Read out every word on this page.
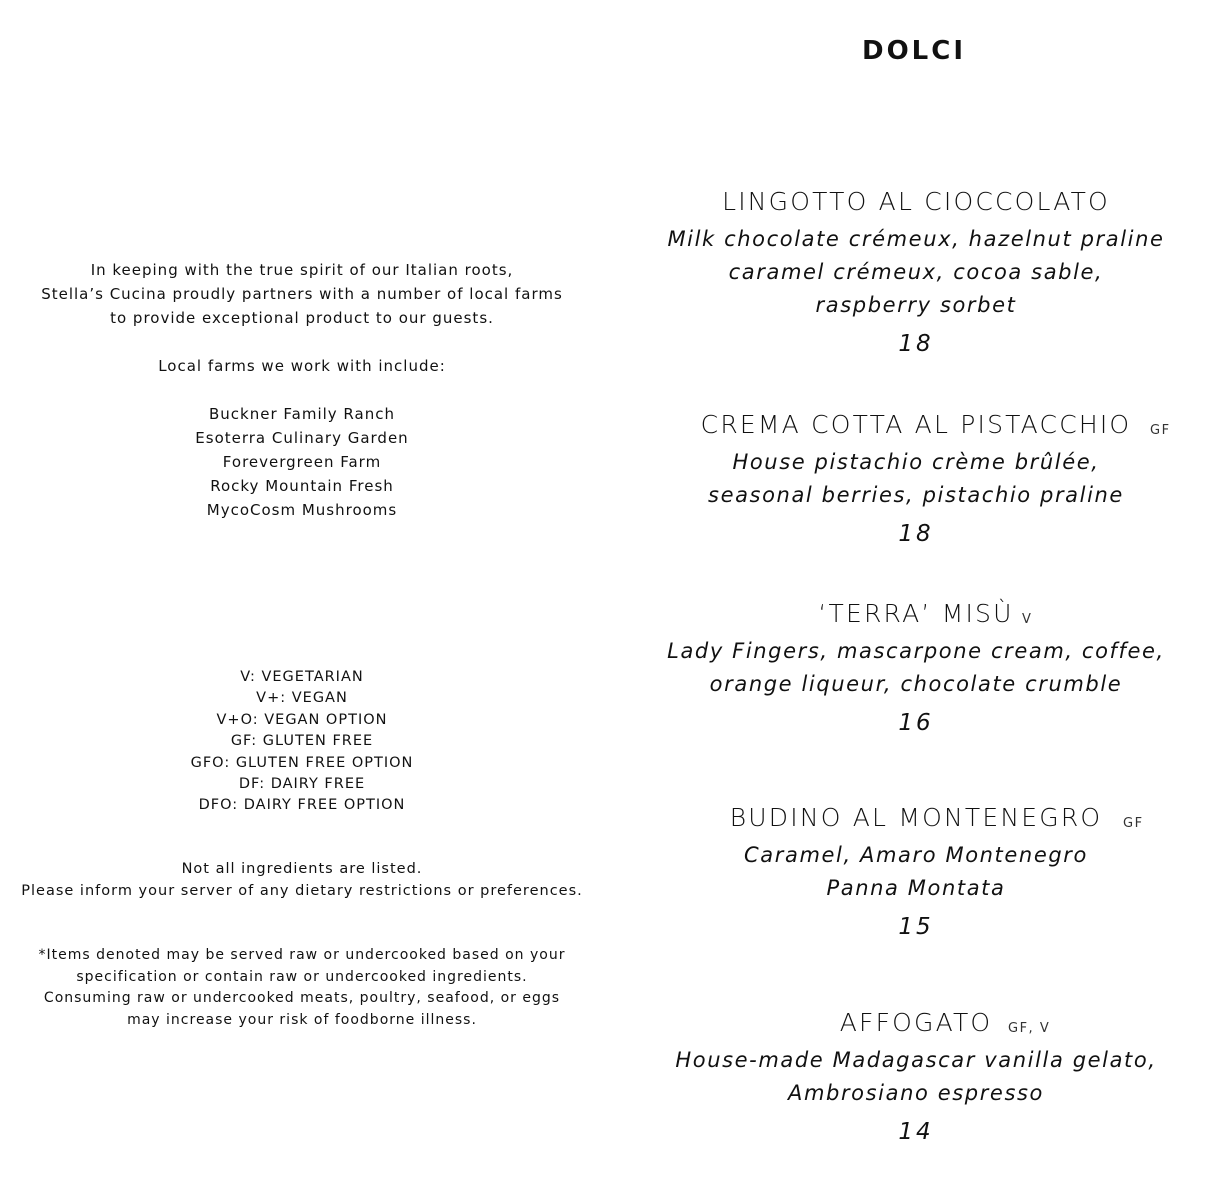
In keeping with the true spirit of our Italian roots,
Stella’s Cucina proudly partners with a number of local farms
to provide exceptional product to our guests.
Local farms we work with include:
Buckner Family Ranch
Esoterra Culinary Garden
Forevergreen Farm
Rocky Mountain Fresh
MycoCosm Mushrooms
V: VEGETARIAN
V+: VEGAN
V+O: VEGAN OPTION
GF: GLUTEN FREE
GFO: GLUTEN FREE OPTION
DF: DAIRY FREE
DFO: DAIRY FREE OPTION
Not all ingredients are listed.
Please inform your server of any dietary restrictions or preferences.
*Items denoted may be served raw or undercooked based on your
specification or contain raw or undercooked ingredients.
Consuming raw or undercooked meats, poultry, seafood, or eggs
may increase your risk of foodborne illness.
DOLCI
LINGOTTO AL CIOCCOLATO
Milk chocolate crémeux, hazelnut praline
caramel crémeux, cocoa sable,
raspberry sorbet
18
CREMA COTTA AL PISTACCHIO GF
House pistachio crème brûlée,
seasonal berries, pistachio praline
18
‘TERRA’ MISÙ V
Lady Fingers, mascarpone cream, coffee,
orange liqueur, chocolate crumble
16
BUDINO AL MONTENEGRO GF
Caramel, Amaro Montenegro
Panna Montata
15
AFFOGATO GF, V
House-made Madagascar vanilla gelato,
Ambrosiano espresso
14
